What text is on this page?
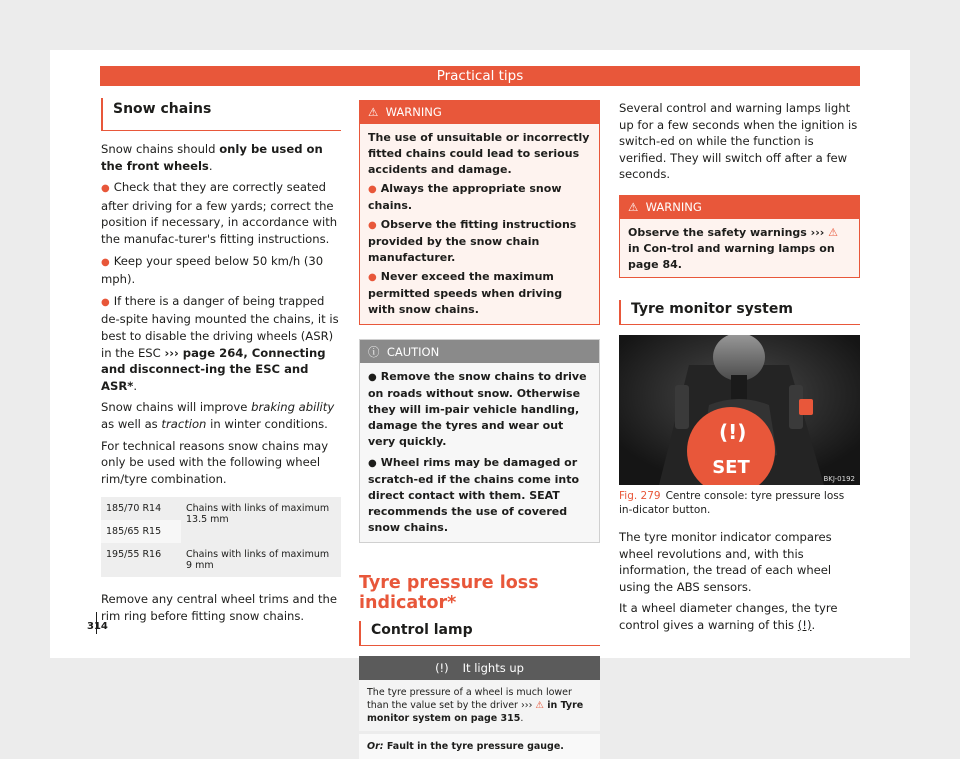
Practical tips
Snow chains

Snow chains should only be used on the front wheels.

● Check that they are correctly seated after driving for a few yards; correct the position if necessary, in accordance with the manufac-turer's fitting instructions.

● Keep your speed below 50 km/h (30 mph).

● If there is a danger of being trapped de-spite having mounted the chains, it is best to disable the driving wheels (ASR) in the ESC ››› page 264, Connecting and disconnect-ing the ESC and ASR*.

Snow chains will improve braking ability as well as traction in winter conditions.

For technical reasons snow chains may only be used with the following wheel rim/tyre combination.

185/70 R14	Chains with links of maximum 13.5 mm
185/65 R15	
195/55 R16	Chains with links of maximum 9 mm

Remove any central wheel trims and the rim ring before fitting snow chains.

⚠ WARNING
The use of unsuitable or incorrectly fitted chains could lead to serious accidents and damage.
● Always the appropriate snow chains.
● Observe the fitting instructions provided by the snow chain manufacturer.
● Never exceed the maximum permitted speeds when driving with snow chains.
ⓘ CAUTION
● Remove the snow chains to drive on roads without snow. Otherwise they will im-pair vehicle handling, damage the tyres and wear out very quickly.
● Wheel rims may be damaged or scratch-ed if the chains come into direct contact with them. SEAT recommends the use of covered snow chains.
Tyre pressure loss indicator*
Control lamp
(!) It lights up
The tyre pressure of a wheel is much lower than the value set by the driver ››› ⚠ in Tyre monitor system on page 315.
Or: Fault in the tyre pressure gauge.

Several control and warning lamps light up for a few seconds when the ignition is switch-ed on while the function is verified. They will switch off after a few seconds.

⚠ WARNING
Observe the safety warnings ››› ⚠ in Con-trol and warning lamps on page 84.
Tyre monitor system
(!)
SET
BKJ-0192

Fig. 279 Centre console: tyre pressure loss in-dicator button.

The tyre monitor indicator compares wheel revolutions and, with this information, the tread of each wheel using the ABS sensors.

It a wheel diameter changes, the tyre control gives a warning of this (!).

314
